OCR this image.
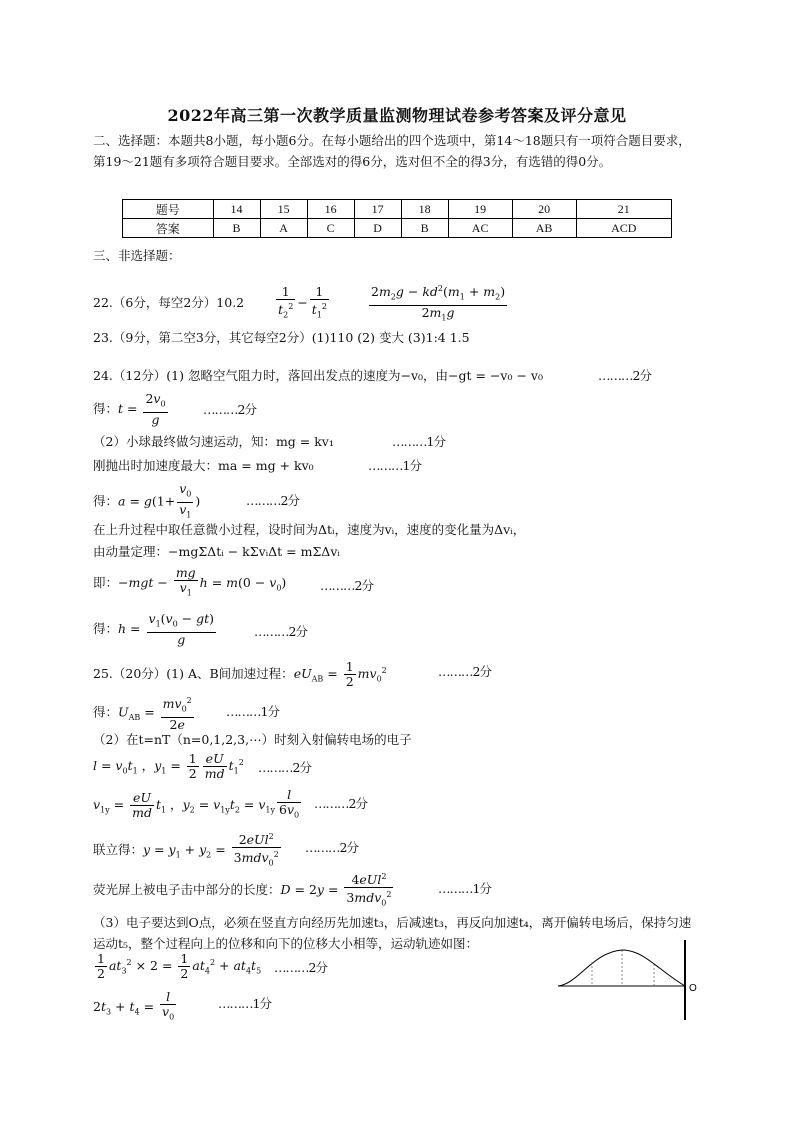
2022年高三第一次教学质量监测物理试卷参考答案及评分意见
二、选择题：本题共8小题，每小题6分。在每小题给出的四个选项中，第14～18题只有一项符合题目要求，第19～21题有多项符合题目要求。全部选对的得6分，选对但不全的得3分，有选错的得0分。
题号	14	15	16	17	18	19	20	21
答案	B	A	C	D	B	AC	AB	ACD
三、非选择题：
22.（6分，每空2分）10.2	$\frac{1}{t_2^2} - \frac{1}{t_1^2}$
	$\frac{2m_2g - kd^2(m_1 + m_2)}{2m_1g}$
23.（9分，第二空3分，其它每空2分）(1)110 (2) 变大 (3)1:4 1.5
24.（12分）(1) 忽略空气阻力时，落回出发点的速度为−v₀，由−gt = −v₀ − v₀	………2分
得：$t = \frac{2v_0}{g}$	………2分
（2）小球最终做匀速运动，知：mg = kv₁	………1分
刚抛出时加速度最大：ma = mg + kv₀	………1分
得：$a = g(1+ \frac{v_0}{v_1}$ )	………2分
在上升过程中取任意微小过程，设时间为Δtᵢ，速度为vᵢ，速度的变化量为Δvᵢ，
由动量定理：−mgΣΔtᵢ − kΣvᵢΔt = mΣΔvᵢ
即：$-mgt - \frac{mg}{v_1}$ $h = m(0 - v_0)$	………2分
得：$h = \frac{v_1(v_0 - gt)}{g}$	………2分
25.（20分）(1) A、B间加速过程：$eU_{AB} = \frac{1}{2} mv_0^2$	………2分
得：$U_{AB} = \frac{mv_0^2}{2e}$	………1分
（2）在t=nT（n=0,1,2,3,⋯）时刻入射偏转电场的电子
$l = v_0t_1$ ，$y_1 = \frac{1}{2} \frac{eU}{md} t_1^2$ ………2分
$v_{1y} = \frac{eU}{md} t_1$ ，$y_2 = v_{1y}t_2 = v_{1y} \frac{l}{6v_0}$ ………2分
联立得：$y = y_1 + y_2 = \frac{2eUl^2}{3mdv_0^2}$ ………2分
荧光屏上被电子击中部分的长度：$D = 2y = \frac{4eUl^2}{3mdv_0^2}$	………1分
（3）电子要达到O点，必须在竖直方向经历先加速t₃，后减速t₃，再反向加速t₄，离开偏转电场后，保持匀速运动t₅，整个过程向上的位移和向下的位移大小相等，运动轨迹如图：
$\frac{1}{2} at_3^2 \times 2 = \frac{1}{2} at_4^2 + at_4t_5$ ………2分
$2t_3 + t_4 = \frac{l}{v_0}$	………1分
O
